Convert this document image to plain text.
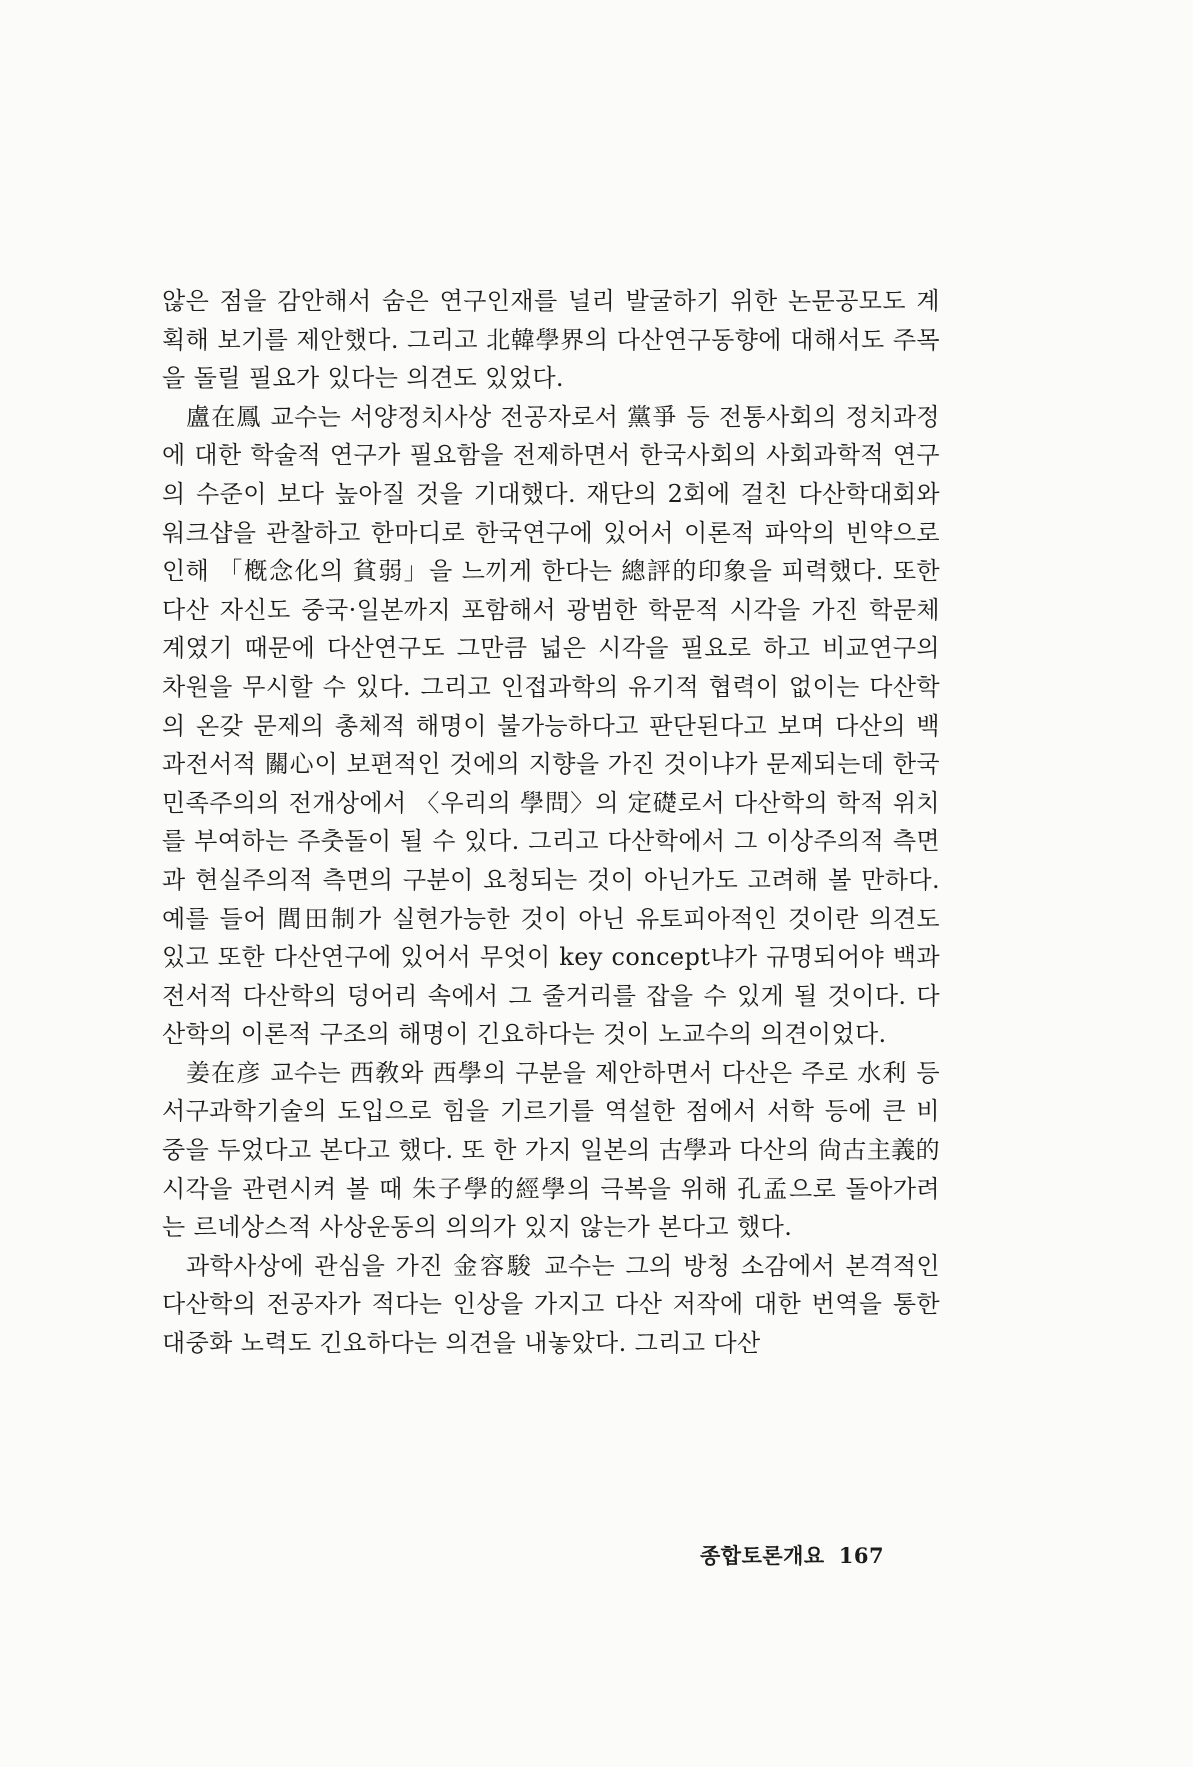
않은 점을 감안해서 숨은 연구인재를 널리 발굴하기 위한 논문공모도 계획해 보기를 제안했다. 그리고 北韓學界의 다산연구동향에 대해서도 주목을 돌릴 필요가 있다는 의견도 있었다.

盧在鳳 교수는 서양정치사상 전공자로서 黨爭 등 전통사회의 정치과정에 대한 학술적 연구가 필요함을 전제하면서 한국사회의 사회과학적 연구의 수준이 보다 높아질 것을 기대했다. 재단의 2회에 걸친 다산학대회와 워크샵을 관찰하고 한마디로 한국연구에 있어서 이론적 파악의 빈약으로 인해 「槪念化의 貧弱」을 느끼게 한다는 總評的印象을 피력했다. 또한 다산 자신도 중국·일본까지 포함해서 광범한 학문적 시각을 가진 학문체계였기 때문에 다산연구도 그만큼 넓은 시각을 필요로 하고 비교연구의 차원을 무시할 수 있다. 그리고 인접과학의 유기적 협력이 없이는 다산학의 온갖 문제의 총체적 해명이 불가능하다고 판단된다고 보며 다산의 백과전서적 關心이 보편적인 것에의 지향을 가진 것이냐가 문제되는데 한국 민족주의의 전개상에서 〈우리의 學問〉의 定礎로서 다산학의 학적 위치를 부여하는 주춧돌이 될 수 있다. 그리고 다산학에서 그 이상주의적 측면과 현실주의적 측면의 구분이 요청되는 것이 아닌가도 고려해 볼 만하다. 예를 들어 閭田制가 실현가능한 것이 아닌 유토피아적인 것이란 의견도 있고 또한 다산연구에 있어서 무엇이 key concept냐가 규명되어야 백과전서적 다산학의 덩어리 속에서 그 줄거리를 잡을 수 있게 될 것이다. 다산학의 이론적 구조의 해명이 긴요하다는 것이 노교수의 의견이었다.

姜在彦 교수는 西敎와 西學의 구분을 제안하면서 다산은 주로 水利 등 서구과학기술의 도입으로 힘을 기르기를 역설한 점에서 서학 등에 큰 비중을 두었다고 본다고 했다. 또 한 가지 일본의 古學과 다산의 尙古主義的 시각을 관련시켜 볼 때 朱子學的經學의 극복을 위해 孔孟으로 돌아가려는 르네상스적 사상운동의 의의가 있지 않는가 본다고 했다.

과학사상에 관심을 가진 金容駿 교수는 그의 방청 소감에서 본격적인 다산학의 전공자가 적다는 인상을 가지고 다산 저작에 대한 번역을 통한 대중화 노력도 긴요하다는 의견을 내놓았다. 그리고 다산

종합토론개요 167
